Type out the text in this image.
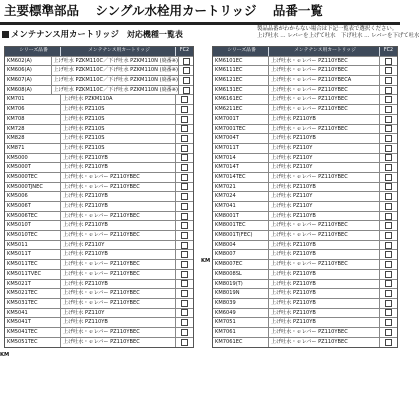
主要標準部品 シングル水栓用カートリッジ 品番一覧
メンテナンス用カートリッジ 対応機種一覧表
製品品番がわからない場合は下記一覧表で選択ください。
上げ吐水 … レバーを上げて吐水　下げ吐水 … レバーを下げて吐水
シリーズ品番	メンテナンス用カートリッジ	FC2
KM602(A)	上げ吐水 PZKM110C／下げ吐水 PZKM110N (廃番※)
KM606(A)	上げ吐水 PZKM110C／下げ吐水 PZKM110N (廃番※)
KM607(A)	上げ吐水 PZKM110C／下げ吐水 PZKM110N (廃番※)
KM608(A)	上げ吐水 PZKM110C／下げ吐水 PZKM110N (廃番※)
KM701	上げ吐水 PZKM110A
KM706	上げ吐水 PZ110S
KM708	上げ吐水 PZ110S
KM728	上げ吐水 PZ110S
KM828	上げ吐水 PZ110S
KM871	上げ吐水 PZ110S
KM5000	上げ吐水 PZ110YB
KM5000T	上げ吐水 PZ110YB
KM5000TEC	上げ吐水・ｅレバー PZ110YBEC
KM5000TJNEC	上げ吐水・ｅレバー PZ110YBEC
KM5006	上げ吐水 PZ110YB
KM5006T	上げ吐水 PZ110YB
KM5006TEC	上げ吐水・ｅレバー PZ110YBEC
KM5010T	上げ吐水 PZ110YB
KM5010TEC	上げ吐水・ｅレバー PZ110YBEC
KM5011	上げ吐水 PZ110Y
KM5011T	上げ吐水 PZ110YB
KM5011TEC	上げ吐水・ｅレバー PZ110YBEC
KM5011TVEC	上げ吐水・ｅレバー PZ110YBEC
KM5021T	上げ吐水 PZ110YB
KM5021TEC	上げ吐水・ｅレバー PZ110YBEC
KM5031TEC	上げ吐水・ｅレバー PZ110YBEC
KM5041	上げ吐水 PZ110Y
KM5041T	上げ吐水 PZ110YB
KM5041TEC	上げ吐水・ｅレバー PZ110YBEC
KM5051TEC	上げ吐水・ｅレバー PZ110YBEC
シリーズ品番	メンテナンス用カートリッジ	FC2
KM6101EC	上げ吐水・ｅレバー PZ110YBEC
KM6111EC	上げ吐水・ｅレバー PZ110YBEC
KM6121EC	上げ吐水・ｅレバー PZ110YBECA
KM6131EC	上げ吐水・ｅレバー PZ110YBEC
KM6161EC	上げ吐水・ｅレバー PZ110YBEC
KM6211EC	上げ吐水・ｅレバー PZ110YBEC
KM7001T	上げ吐水 PZ110YB
KM7001TEC	上げ吐水・ｅレバー PZ110YBEC
KM7004T	上げ吐水 PZ110YB
KM7011T	上げ吐水 PZ110Y
KM7014	上げ吐水 PZ110Y
KM7014T	上げ吐水 PZ110Y
KM7014TEC	上げ吐水・ｅレバー PZ110YBEC
KM7021	上げ吐水 PZ110YB
KM7024	上げ吐水 PZ110Y
KM7041	上げ吐水 PZ110Y
KM8001T	上げ吐水 PZ110YB
KM8001TEC	上げ吐水・ｅレバー PZ110YBEC
KM8001T(FEC)	上げ吐水・ｅレバー PZ110YBEC
KM8004	上げ吐水 PZ110YB
KM8007	上げ吐水 PZ110YB
KM8007EC	上げ吐水・ｅレバー PZ110YBEC
KM8008SL	上げ吐水 PZ110YB
KM8019(T)	上げ吐水 PZ110YB
KM8019N	上げ吐水 PZ110YB
KM8039	上げ吐水 PZ110YB
KM6049	上げ吐水 PZ110YB
KM7051	上げ吐水 PZ110YB
KM7061	上げ吐水・ｅレバー PZ110YBEC
KM7061EC	上げ吐水・ｅレバー PZ110YBEC
KM
KM
